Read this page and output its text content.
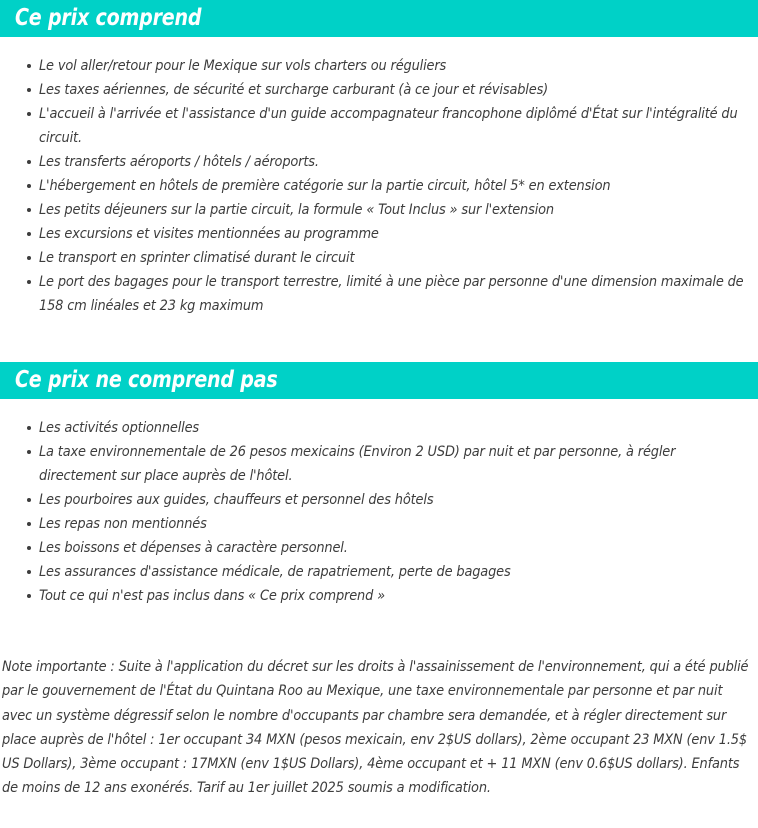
Ce prix comprend
Le vol aller/retour pour le Mexique sur vols charters ou réguliers
Les taxes aériennes, de sécurité et surcharge carburant (à ce jour et révisables)
L'accueil à l'arrivée et l'assistance d'un guide accompagnateur francophone diplômé d'État sur l'intégralité du circuit.
Les transferts aéroports / hôtels / aéroports.
L'hébergement en hôtels de première catégorie sur la partie circuit, hôtel 5* en extension
Les petits déjeuners sur la partie circuit, la formule « Tout Inclus » sur l'extension
Les excursions et visites mentionnées au programme
Le transport en sprinter climatisé durant le circuit
Le port des bagages pour le transport terrestre, limité à une pièce par personne d'une dimension maximale de 158 cm linéales et 23 kg maximum
Ce prix ne comprend pas
Les activités optionnelles
La taxe environnementale de 26 pesos mexicains (Environ 2 USD) par nuit et par personne, à régler directement sur place auprès de l'hôtel.
Les pourboires aux guides, chauffeurs et personnel des hôtels
Les repas non mentionnés
Les boissons et dépenses à caractère personnel.
Les assurances d'assistance médicale, de rapatriement, perte de bagages
Tout ce qui n'est pas inclus dans « Ce prix comprend »

Note importante : Suite à l'application du décret sur les droits à l'assainissement de l'environnement, qui a été publié par le gouvernement de l'État du Quintana Roo au Mexique, une taxe environnementale par personne et par nuit avec un système dégressif selon le nombre d'occupants par chambre sera demandée, et à régler directement sur place auprès de l'hôtel : 1er occupant 34 MXN (pesos mexicain, env 2$US dollars), 2ème occupant 23 MXN (env 1.5$ US Dollars), 3ème occupant : 17MXN (env 1$US Dollars), 4ème occupant et + 11 MXN (env 0.6$US dollars). Enfants de moins de 12 ans exonérés. Tarif au 1er juillet 2025 soumis a modification.
